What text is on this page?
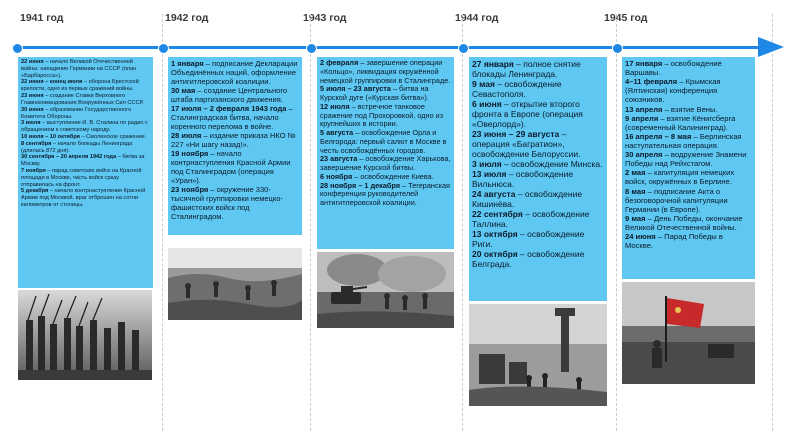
1941 год	1942 год	1943 год	1944 год	1945 год

22 июня – начало Великой Отечественной войны: нападение Германии на СССР (план «Барбаросса»).

22 июня – конец июля – оборона Брестской крепости, одно из первых сражений войны.

23 июня – создание Ставки Верховного Главнокомандования Вооружённых Сил СССР.

30 июня – образование Государственного Комитета Обороны.

3 июля – выступление И. В. Сталина по радио с обращением к советскому народу.

10 июля – 10 октября – Смоленское сражение.

8 сентября – начало блокады Ленинграда (длилась 872 дня).

30 сентября – 20 апреля 1942 года – битва за Москву.

7 ноября – парад советских войск на Красной площади в Москве, часть войск сразу отправилась на фронт.

5 декабря – начало контрнаступления Красной Армии под Москвой, враг отброшен на сотни километров от столицы.

1 января – подписание Декларации Объединённых наций, оформление антигитлеровской коалиции.

30 мая – создание Центрального штаба партизанского движения.

17 июля – 2 февраля 1943 года – Сталинградская битва, начало коренного перелома в войне.

28 июля – издание приказа НКО № 227 «Ни шагу назад!».

19 ноября – начало контрнаступления Красной Армии под Сталинградом (операция «Уран»).

23 ноября – окружение 330-тысячной группировки немецко-фашистских войск под Сталинградом.

2 февраля – завершение операции «Кольцо», ликвидация окружённой немецкой группировки в Сталинграде.

5 июля – 23 августа – битва на Курской дуге («Курская битва»).

12 июля – встречное танковое сражение под Прохоровкой, одно из крупнейших в истории.

5 августа – освобождение Орла и Белгорода: первый салют в Москве в честь освобождённых городов.

23 августа – освобождение Харькова, завершение Курской битвы.

6 ноября – освобождение Киева.

28 ноября – 1 декабря – Тегеранская конференция руководителей антигитлеровской коалиции.

27 января – полное снятие блокады Ленинграда.

9 мая – освобождение Севастополя.

6 июня – открытие второго фронта в Европе (операция «Оверлорд»).

23 июня – 29 августа – операция «Багратион», освобождение Белоруссии.

3 июля – освобождение Минска.

13 июля – освобождение Вильнюса.

24 августа – освобождение Кишинёва.

22 сентября – освобождение Таллина.

13 октября – освобождение Риги.

20 октября – освобождение Белграда.

17 января – освобождение Варшавы.

4–11 февраля – Крымская (Ялтинская) конференция союзников.

13 апреля – взятие Вены.

9 апреля – взятие Кёнигсберга (современный Калининград).

16 апреля – 8 мая – Берлинская наступательная операция.

30 апреля – водружение Знамени Победы над Рейхстагом.

2 мая – капитуляция немецких войск, окружённых в Берлине.

8 мая – подписание Акта о безоговорочной капитуляции Германии (в Европе).

9 мая – День Победы, окончание Великой Отечественной войны.

24 июня – Парад Победы в Москве.
